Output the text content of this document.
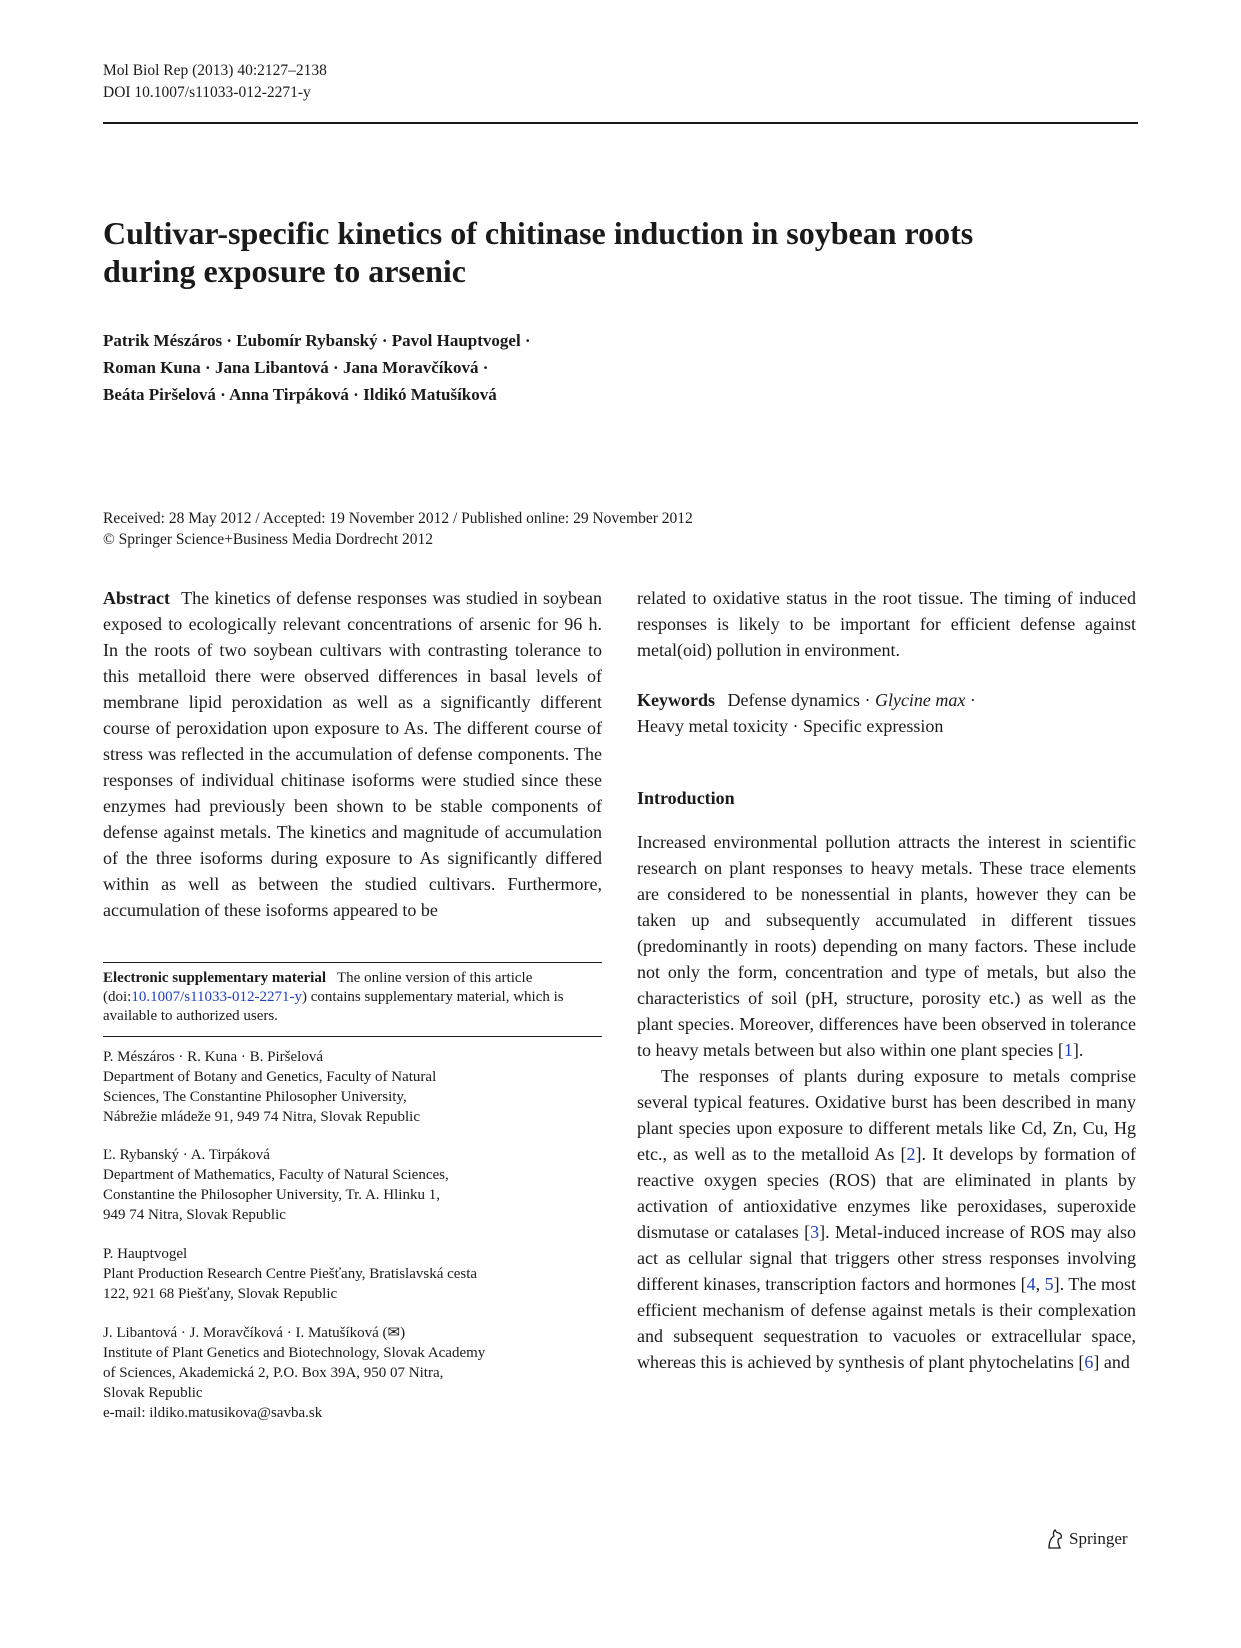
Mol Biol Rep (2013) 40:2127–2138
DOI 10.1007/s11033-012-2271-y
Cultivar-specific kinetics of chitinase induction in soybean roots
during exposure to arsenic
Patrik Mészáros · Ľubomír Rybanský · Pavol Hauptvogel ·
Roman Kuna · Jana Libantová · Jana Moravčíková ·
Beáta Piršelová · Anna Tirpáková · Ildikó Matušíková
Received: 28 May 2012 / Accepted: 19 November 2012 / Published online: 29 November 2012
© Springer Science+Business Media Dordrecht 2012

Abstract The kinetics of defense responses was studied in soybean exposed to ecologically relevant concentrations of arsenic for 96 h. In the roots of two soybean cultivars with contrasting tolerance to this metalloid there were observed differences in basal levels of membrane lipid peroxidation as well as a significantly different course of peroxidation upon exposure to As. The different course of stress was reflected in the accumulation of defense components. The responses of individual chitinase isoforms were studied since these enzymes had previously been shown to be stable components of defense against metals. The kinetics and magnitude of accumulation of the three isoforms during exposure to As significantly differed within as well as between the studied cultivars. Furthermore, accumulation of these isoforms appeared to be

Electronic supplementary material The online version of this article (doi:10.1007/s11033-012-2271-y) contains supplementary material, which is available to authorized users.
P. Mészáros · R. Kuna · B. Piršelová
Department of Botany and Genetics, Faculty of Natural
Sciences, The Constantine Philosopher University,
Nábrežie mládeže 91, 949 74 Nitra, Slovak Republic
Ľ. Rybanský · A. Tirpáková
Department of Mathematics, Faculty of Natural Sciences,
Constantine the Philosopher University, Tr. A. Hlinku 1,
949 74 Nitra, Slovak Republic
P. Hauptvogel
Plant Production Research Centre Piešťany, Bratislavská cesta
122, 921 68 Piešťany, Slovak Republic
J. Libantová · J. Moravčíková · I. Matušíková (✉)
Institute of Plant Genetics and Biotechnology, Slovak Academy
of Sciences, Akademická 2, P.O. Box 39A, 950 07 Nitra,
Slovak Republic
e-mail: ildiko.matusikova@savba.sk

related to oxidative status in the root tissue. The timing of induced responses is likely to be important for efficient defense against metal(oid) pollution in environment.

Keywords Defense dynamics · Glycine max ·
Heavy metal toxicity · Specific expression

Introduction

Increased environmental pollution attracts the interest in scientific research on plant responses to heavy metals. These trace elements are considered to be nonessential in plants, however they can be taken up and subsequently accumulated in different tissues (predominantly in roots) depending on many factors. These include not only the form, concentration and type of metals, but also the characteristics of soil (pH, structure, porosity etc.) as well as the plant species. Moreover, differences have been observed in tolerance to heavy metals between but also within one plant species [1].

The responses of plants during exposure to metals comprise several typical features. Oxidative burst has been described in many plant species upon exposure to different metals like Cd, Zn, Cu, Hg etc., as well as to the metalloid As [2]. It develops by formation of reactive oxygen species (ROS) that are eliminated in plants by activation of antioxidative enzymes like peroxidases, superoxide dismutase or catalases [3]. Metal-induced increase of ROS may also act as cellular signal that triggers other stress responses involving different kinases, transcription factors and hormones [4, 5]. The most efficient mechanism of defense against metals is their complexation and subsequent sequestration to vacuoles or extracellular space, whereas this is achieved by synthesis of plant phytochelatins [6] and

Springer
